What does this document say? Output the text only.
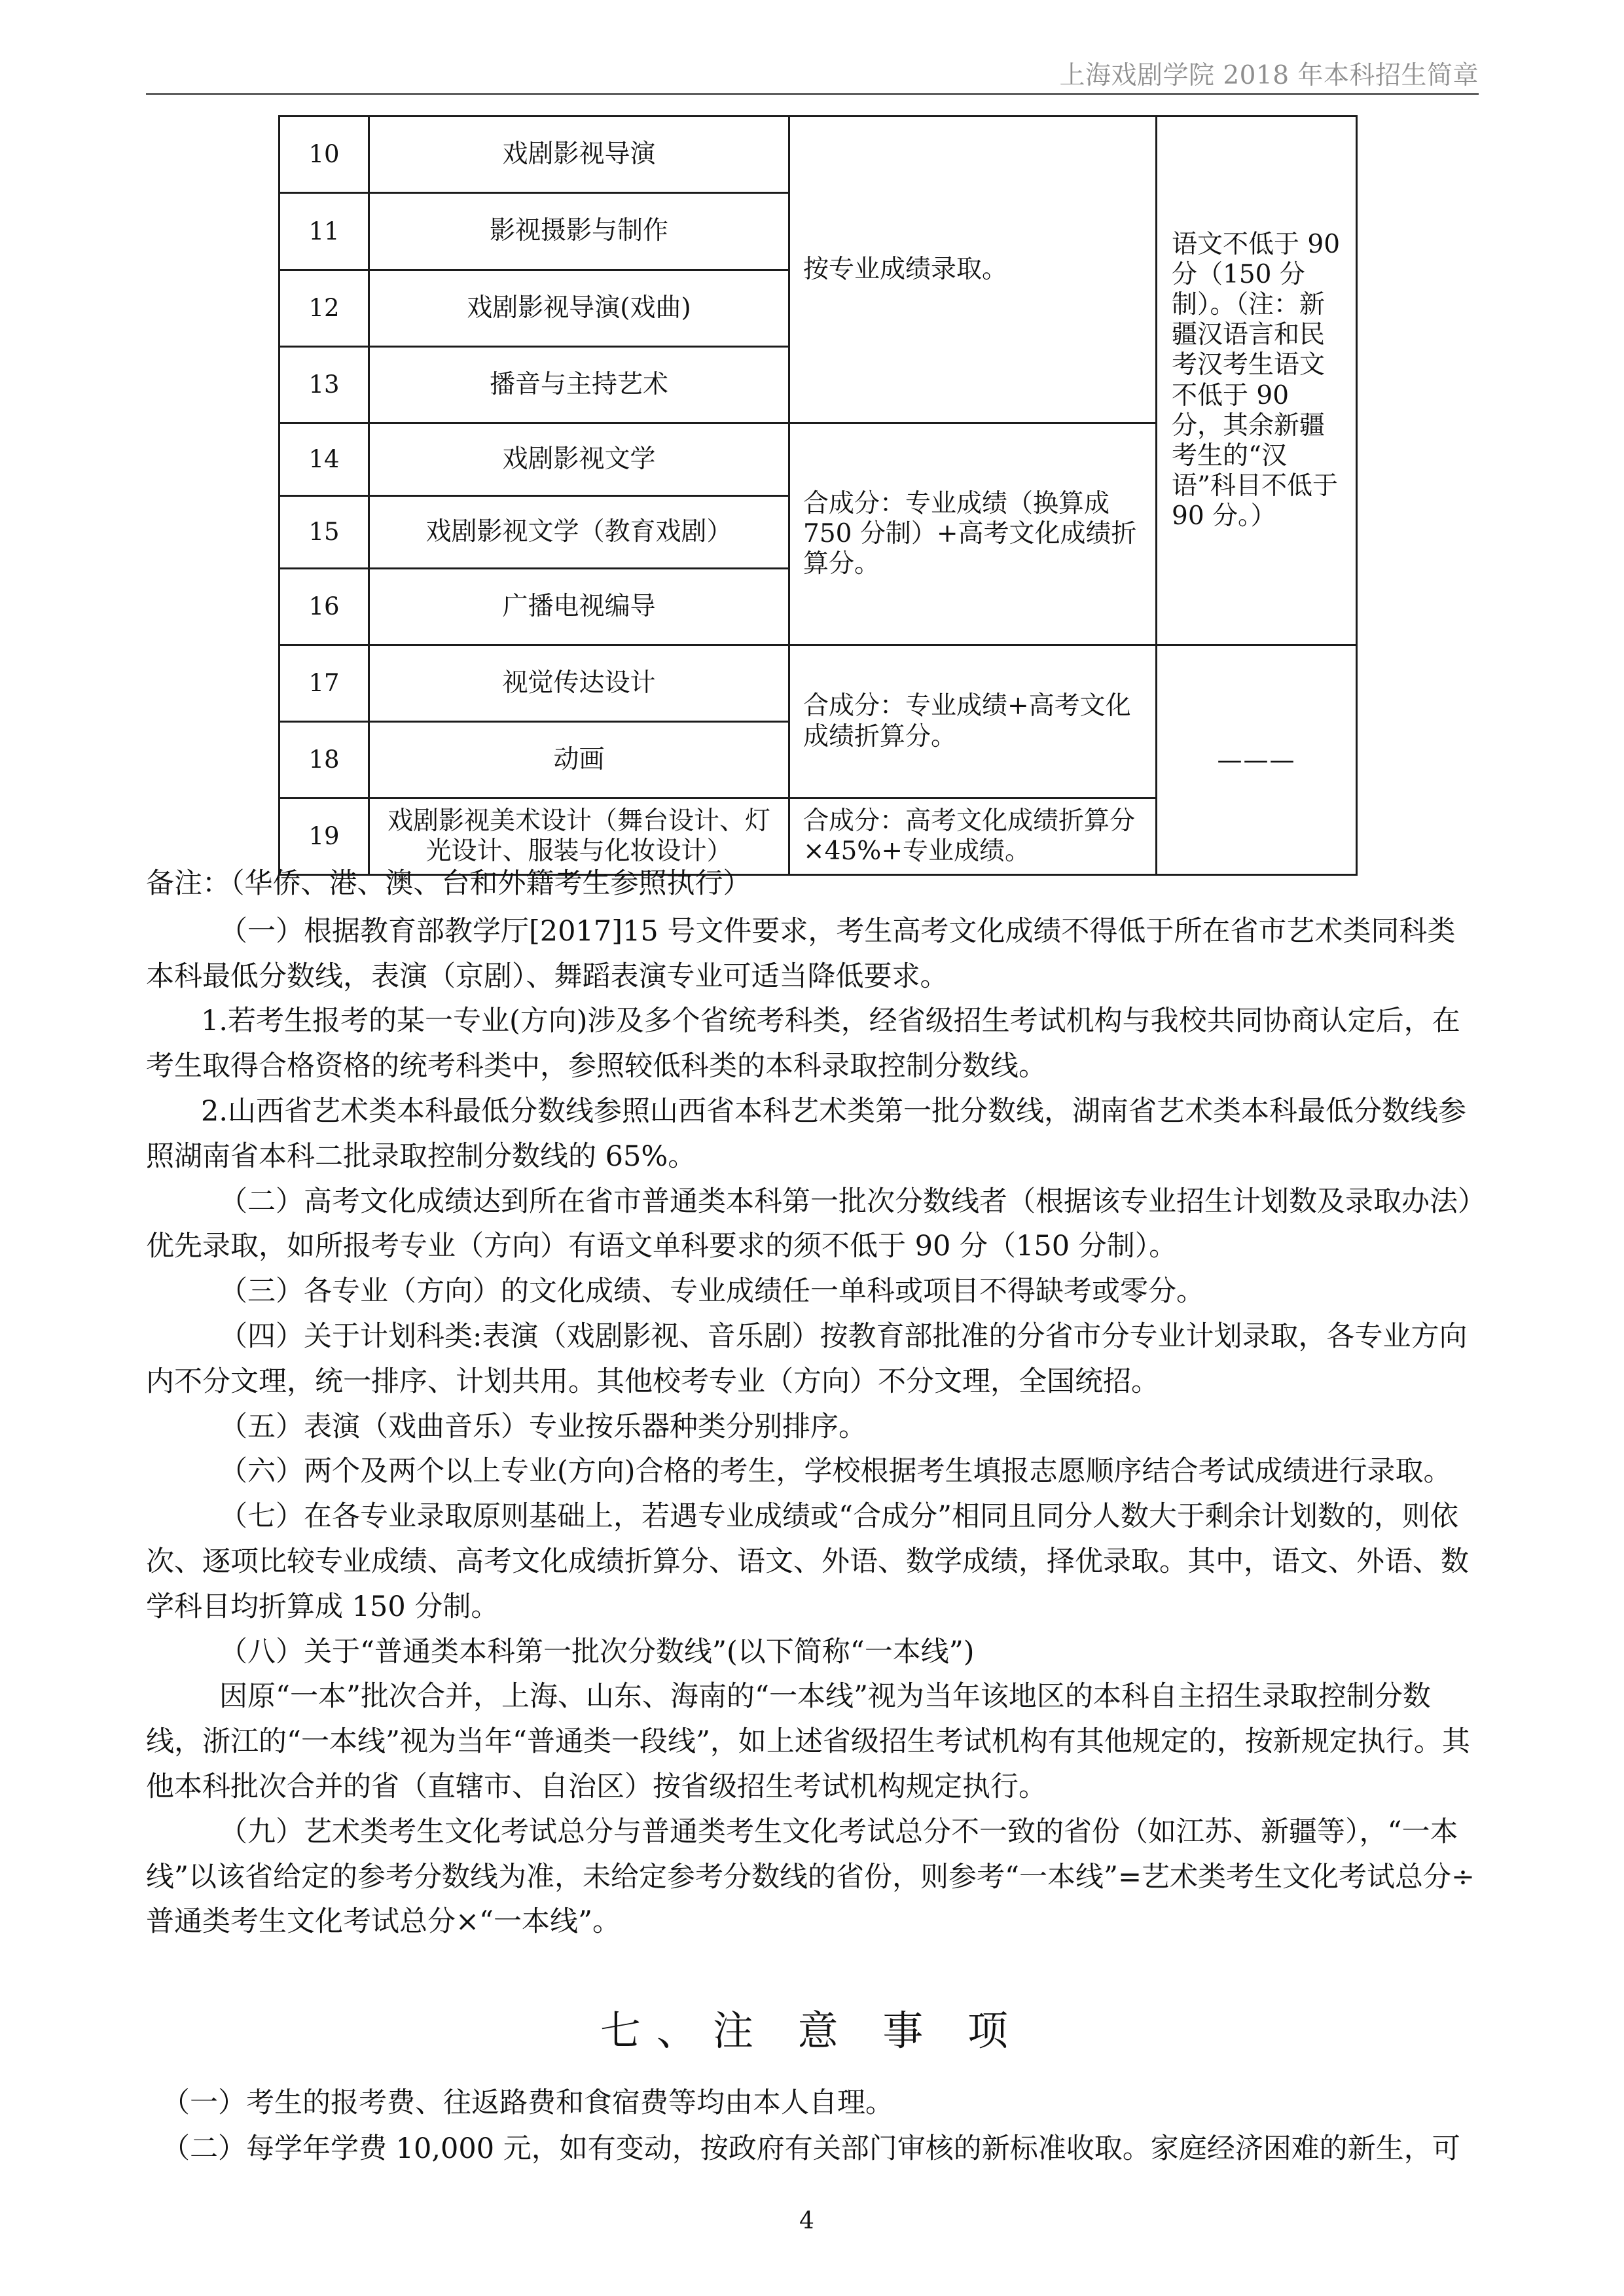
上海戏剧学院 2018 年本科招生简章
10	戏剧影视导演	按专业成绩录取。	语文不低于 90 分（150 分制）。（注：新疆汉语言和民考汉考生语文不低于 90 分，其余新疆考生的“汉语”科目不低于 90 分。）
11	影视摄影与制作		
12	戏剧影视导演(戏曲)		
13	播音与主持艺术		
14	戏剧影视文学	合成分：专业成绩（换算成750 分制）+高考文化成绩折算分。	
15	戏剧影视文学（教育戏剧）		
16	广播电视编导		
17	视觉传达设计	合成分：专业成绩+高考文化成绩折算分。	———
18	动画		
19	戏剧影视美术设计（舞台设计、灯光设计、服装与化妆设计）	合成分：高考文化成绩折算分×45%+专业成绩。	

备注：（华侨、港、澳、台和外籍考生参照执行）

（一）根据教育部教学厅[2017]15 号文件要求，考生高考文化成绩不得低于所在省市艺术类同科类本科最低分数线，表演（京剧）、舞蹈表演专业可适当降低要求。

1.若考生报考的某一专业(方向)涉及多个省统考科类，经省级招生考试机构与我校共同协商认定后，在考生取得合格资格的统考科类中，参照较低科类的本科录取控制分数线。

2.山西省艺术类本科最低分数线参照山西省本科艺术类第一批分数线，湖南省艺术类本科最低分数线参照湖南省本科二批录取控制分数线的 65%。

（二）高考文化成绩达到所在省市普通类本科第一批次分数线者（根据该专业招生计划数及录取办法）优先录取，如所报考专业（方向）有语文单科要求的须不低于 90 分（150 分制）。

（三）各专业（方向）的文化成绩、专业成绩任一单科或项目不得缺考或零分。

（四）关于计划科类:表演（戏剧影视、音乐剧）按教育部批准的分省市分专业计划录取，各专业方向内不分文理，统一排序、计划共用。其他校考专业（方向）不分文理，全国统招。

（五）表演（戏曲音乐）专业按乐器种类分别排序。

（六）两个及两个以上专业(方向)合格的考生，学校根据考生填报志愿顺序结合考试成绩进行录取。

（七）在各专业录取原则基础上，若遇专业成绩或“合成分”相同且同分人数大于剩余计划数的，则依次、逐项比较专业成绩、高考文化成绩折算分、语文、外语、数学成绩，择优录取。其中，语文、外语、数学科目均折算成 150 分制。

（八）关于“普通类本科第一批次分数线”(以下简称“一本线”)

因原“一本”批次合并，上海、山东、海南的“一本线”视为当年该地区的本科自主招生录取控制分数线，浙江的“一本线”视为当年“普通类一段线”，如上述省级招生考试机构有其他规定的，按新规定执行。其他本科批次合并的省（直辖市、自治区）按省级招生考试机构规定执行。

（九）艺术类考生文化考试总分与普通类考生文化考试总分不一致的省份（如江苏、新疆等），“一本线”以该省给定的参考分数线为准，未给定参考分数线的省份，则参考“一本线”=艺术类考生文化考试总分÷普通类考生文化考试总分×“一本线”。

七、注 意 事 项

（一）考生的报考费、往返路费和食宿费等均由本人自理。

（二）每学年学费 10,000 元，如有变动，按政府有关部门审核的新标准收取。家庭经济困难的新生，可

4
